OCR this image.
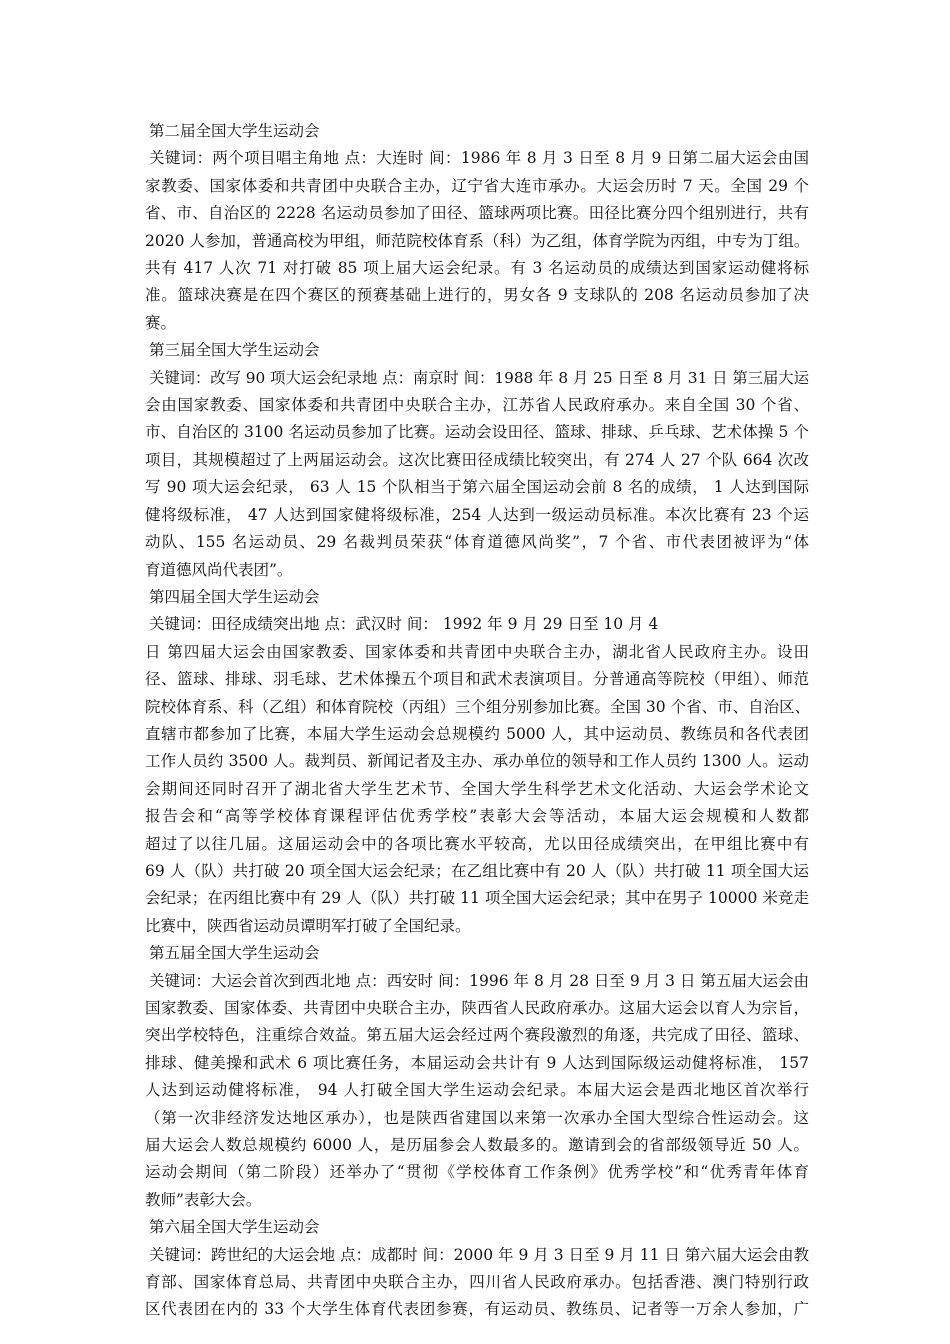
第二届全国大学生运动会
关键词：两个项目唱主角地 点：大连时 间：1986 年 8 月 3 日至 8 月 9 日第二届大运会由国
家教委、国家体委和共青团中央联合主办，辽宁省大连市承办。大运会历时 7 天。全国 29 个
省、市、自治区的 2228 名运动员参加了田径、篮球两项比赛。田径比赛分四个组别进行，共有
2020 人参加，普通高校为甲组，师范院校体育系（科）为乙组，体育学院为丙组，中专为丁组。
共有 417 人次 71 对打破 85 项上届大运会纪录。有 3 名运动员的成绩达到国家运动健将标
准。篮球决赛是在四个赛区的预赛基础上进行的，男女各 9 支球队的 208 名运动员参加了决
赛。
第三届全国大学生运动会
关键词：改写 90 项大运会纪录地 点：南京时 间：1988 年 8 月 25 日至 8 月 31 日 第三届大运
会由国家教委、国家体委和共青团中央联合主办，江苏省人民政府承办。来自全国 30 个省、
市、自治区的 3100 名运动员参加了比赛。运动会设田径、篮球、排球、乒乓球、艺术体操 5 个
项目，其规模超过了上两届运动会。这次比赛田径成绩比较突出，有 274 人 27 个队 664 次改
写 90 项大运会纪录， 63 人 15 个队相当于第六届全国运动会前 8 名的成绩， 1 人达到国际
健将级标准， 47 人达到国家健将级标准，254 人达到一级运动员标准。本次比赛有 23 个运
动队、155 名运动员、29 名裁判员荣获“体育道德风尚奖”，7 个省、市代表团被评为“体
育道德风尚代表团”。
第四届全国大学生运动会
关键词：田径成绩突出地 点：武汉时 间： 1992 年 9 月 29 日至 10 月 4
日 第四届大运会由国家教委、国家体委和共青团中央联合主办，湖北省人民政府主办。设田
径、篮球、排球、羽毛球、艺术体操五个项目和武术表演项目。分普通高等院校（甲组）、师范
院校体育系、科（乙组）和体育院校（丙组）三个组分别参加比赛。全国 30 个省、市、自治区、
直辖市都参加了比赛，本届大学生运动会总规模约 5000 人，其中运动员、教练员和各代表团
工作人员约 3500 人。裁判员、新闻记者及主办、承办单位的领导和工作人员约 1300 人。运动
会期间还同时召开了湖北省大学生艺术节、全国大学生科学艺术文化活动、大运会学术论文
报告会和“高等学校体育课程评估优秀学校”表彰大会等活动，本届大运会规模和人数都
超过了以往几届。这届运动会中的各项比赛水平较高，尤以田径成绩突出，在甲组比赛中有
69 人（队）共打破 20 项全国大运会纪录；在乙组比赛中有 20 人（队）共打破 11 项全国大运
会纪录；在丙组比赛中有 29 人（队）共打破 11 项全国大运会纪录；其中在男子 10000 米竞走
比赛中，陕西省运动员谭明军打破了全国纪录。
第五届全国大学生运动会
关键词：大运会首次到西北地 点：西安时 间：1996 年 8 月 28 日至 9 月 3 日 第五届大运会由
国家教委、国家体委、共青团中央联合主办，陕西省人民政府承办。这届大运会以育人为宗旨，
突出学校特色，注重综合效益。第五届大运会经过两个赛段激烈的角逐，共完成了田径、篮球、
排球、健美操和武术 6 项比赛任务，本届运动会共计有 9 人达到国际级运动健将标准， 157
人达到运动健将标准， 94 人打破全国大学生运动会纪录。本届大运会是西北地区首次举行
（第一次非经济发达地区承办），也是陕西省建国以来第一次承办全国大型综合性运动会。这
届大运会人数总规模约 6000 人，是历届参会人数最多的。邀请到会的省部级领导近 50 人。
运动会期间（第二阶段）还举办了“贯彻《学校体育工作条例》优秀学校”和“优秀青年体育
教师”表彰大会。
第六届全国大学生运动会
关键词：跨世纪的大运会地 点：成都时 间：2000 年 9 月 3 日至 9 月 11 日 第六届大运会由教
育部、国家体育总局、共青团中央联合主办，四川省人民政府承办。包括香港、澳门特别行政
区代表团在内的 33 个大学生体育代表团参赛，有运动员、教练员、记者等一万余人参加，广
